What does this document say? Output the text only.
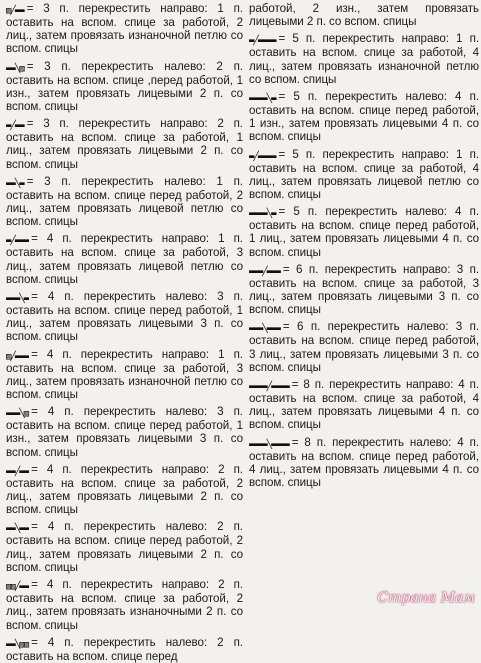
▨╱▬▬ = 3 п. перекрестить направо: 1 п. оставить на вспом. спице за работой, 2 лиц., затем провязать изнаночной петлю со вспом. спицы
▬▬╲▨ = 3 п. перекрестить налево: 2 п. оставить на вспом. спице ,перед работой, 1 изн., затем провязать лицевыми 2 п. со вспом. спицы
▬╱▬▬ = 3 п. перекрестить направо: 2 п. оставить на вспом. спице за работой, 1 лиц., затем провязать лицевыми 2 п. со вспом. спицы
▬▬╲▬ = 3 п. перекрестить налево: 1 п. оставить на вспом. спице перед работой, 2 лиц., затем провязать лицевой петлю со вспом. спицы
▬╱▬▬▬ = 4 п. перекрестить направо: 1 п. оставить на вспом. спице за работой, 3 лиц., затем провязать лицевой петлю со вспом. спицы
▬▬▬╲▬ = 4 п. перекрестить налево: 3 п. оставить на вспом. спице перед работой, 1 лиц., затем провязать лицевыми 3 п. со вспом. спицы
▨╱▬▬▬ = 4 п. перекрестить направо: 1 п. оставить на вспом. спице за работой, 3 лиц., затем провязать изнаночной петлю со вспом. спицы
▬▬▬╲▨ = 4 п. перекрестить налево: 3 п. оставить на вспом. спице перед работой, 1 изн., затем провязать лицевыми 3 п. со вспом. спицы
▬▬╱▬▬ = 4 п. перекрестить направо: 2 п. оставить на вспом. спице за работой, 2 лиц., затем провязать лицевыми 2 п. со вспом. спицы
▬▬╲▬▬ = 4 п. перекрестить налево: 2 п. оставить на вспом. спице перед работой, 2 лиц., затем провязать лицевыми 2 п. со вспом. спицы
▨▨╱▬▬ = 4 п. перекрестить направо: 2 п. оставить на вспом. спице за работой, 2 лиц., затем провязать изнаночными 2 п. со вспом. спицы
▬▬╲▨▨ = 4 п. перекрестить налево: 2 п. оставить на вспом. спице перед
работой, 2 изн., затем провязать лицевыми 2 п. со вспом. спицы
▬╱▬▬▬▬ = 5 п. перекрестить направо: 1 п. оставить на вспом. спице за работой, 4 лиц., затем провязать изнаночной петлю со вспом. спицы
▬▬▬▬╲▬ = 5 п. перекрестить налево: 4 п. оставить на вспом. спице перед работой, 1 изн., затем провязать лицевыми 4 п. со вспом. спицы
▬╱▬▬▬▬ = 5 п. перекрестить направо: 1 п. оставить на вспом. спице за работой, 4 лиц., затем провязать лицевой петлю со вспом. спицы
▬▬▬▬╲▬ = 5 п. перекрестить налево: 4 п. оставить на вспом. спице перед работой, 1 лиц., затем провязать лицевыми 4 п. со вспом. спицы
▬▬▬╱▬▬▬ = 6 п. перекрестить направо: 3 п. оставить на вспом. спице за работой, 3 лиц., затем провязать лицевыми 3 п. со вспом. спицы
▬▬▬╲▬▬▬ = 6 п. перекрестить налево: 3 п. оставить на вспом. спице перед работой, 3 лиц., затем провязать лицевыми 3 п. со вспом. спицы
▬▬▬▬╱▬▬▬▬ = 8 п. перекрестить направо: 4 п. оставить на вспом. спице за работой, 4 лиц., затем провязать лицевыми 4 п. со вспом. спицы
▬▬▬▬╲▬▬▬▬ = 8 п. перекрестить налево: 4 п. оставить на вспом. спице перед работой, 4 лиц., затем провязать лицевыми 4 п. со вспом. спицы
Страна Мам
